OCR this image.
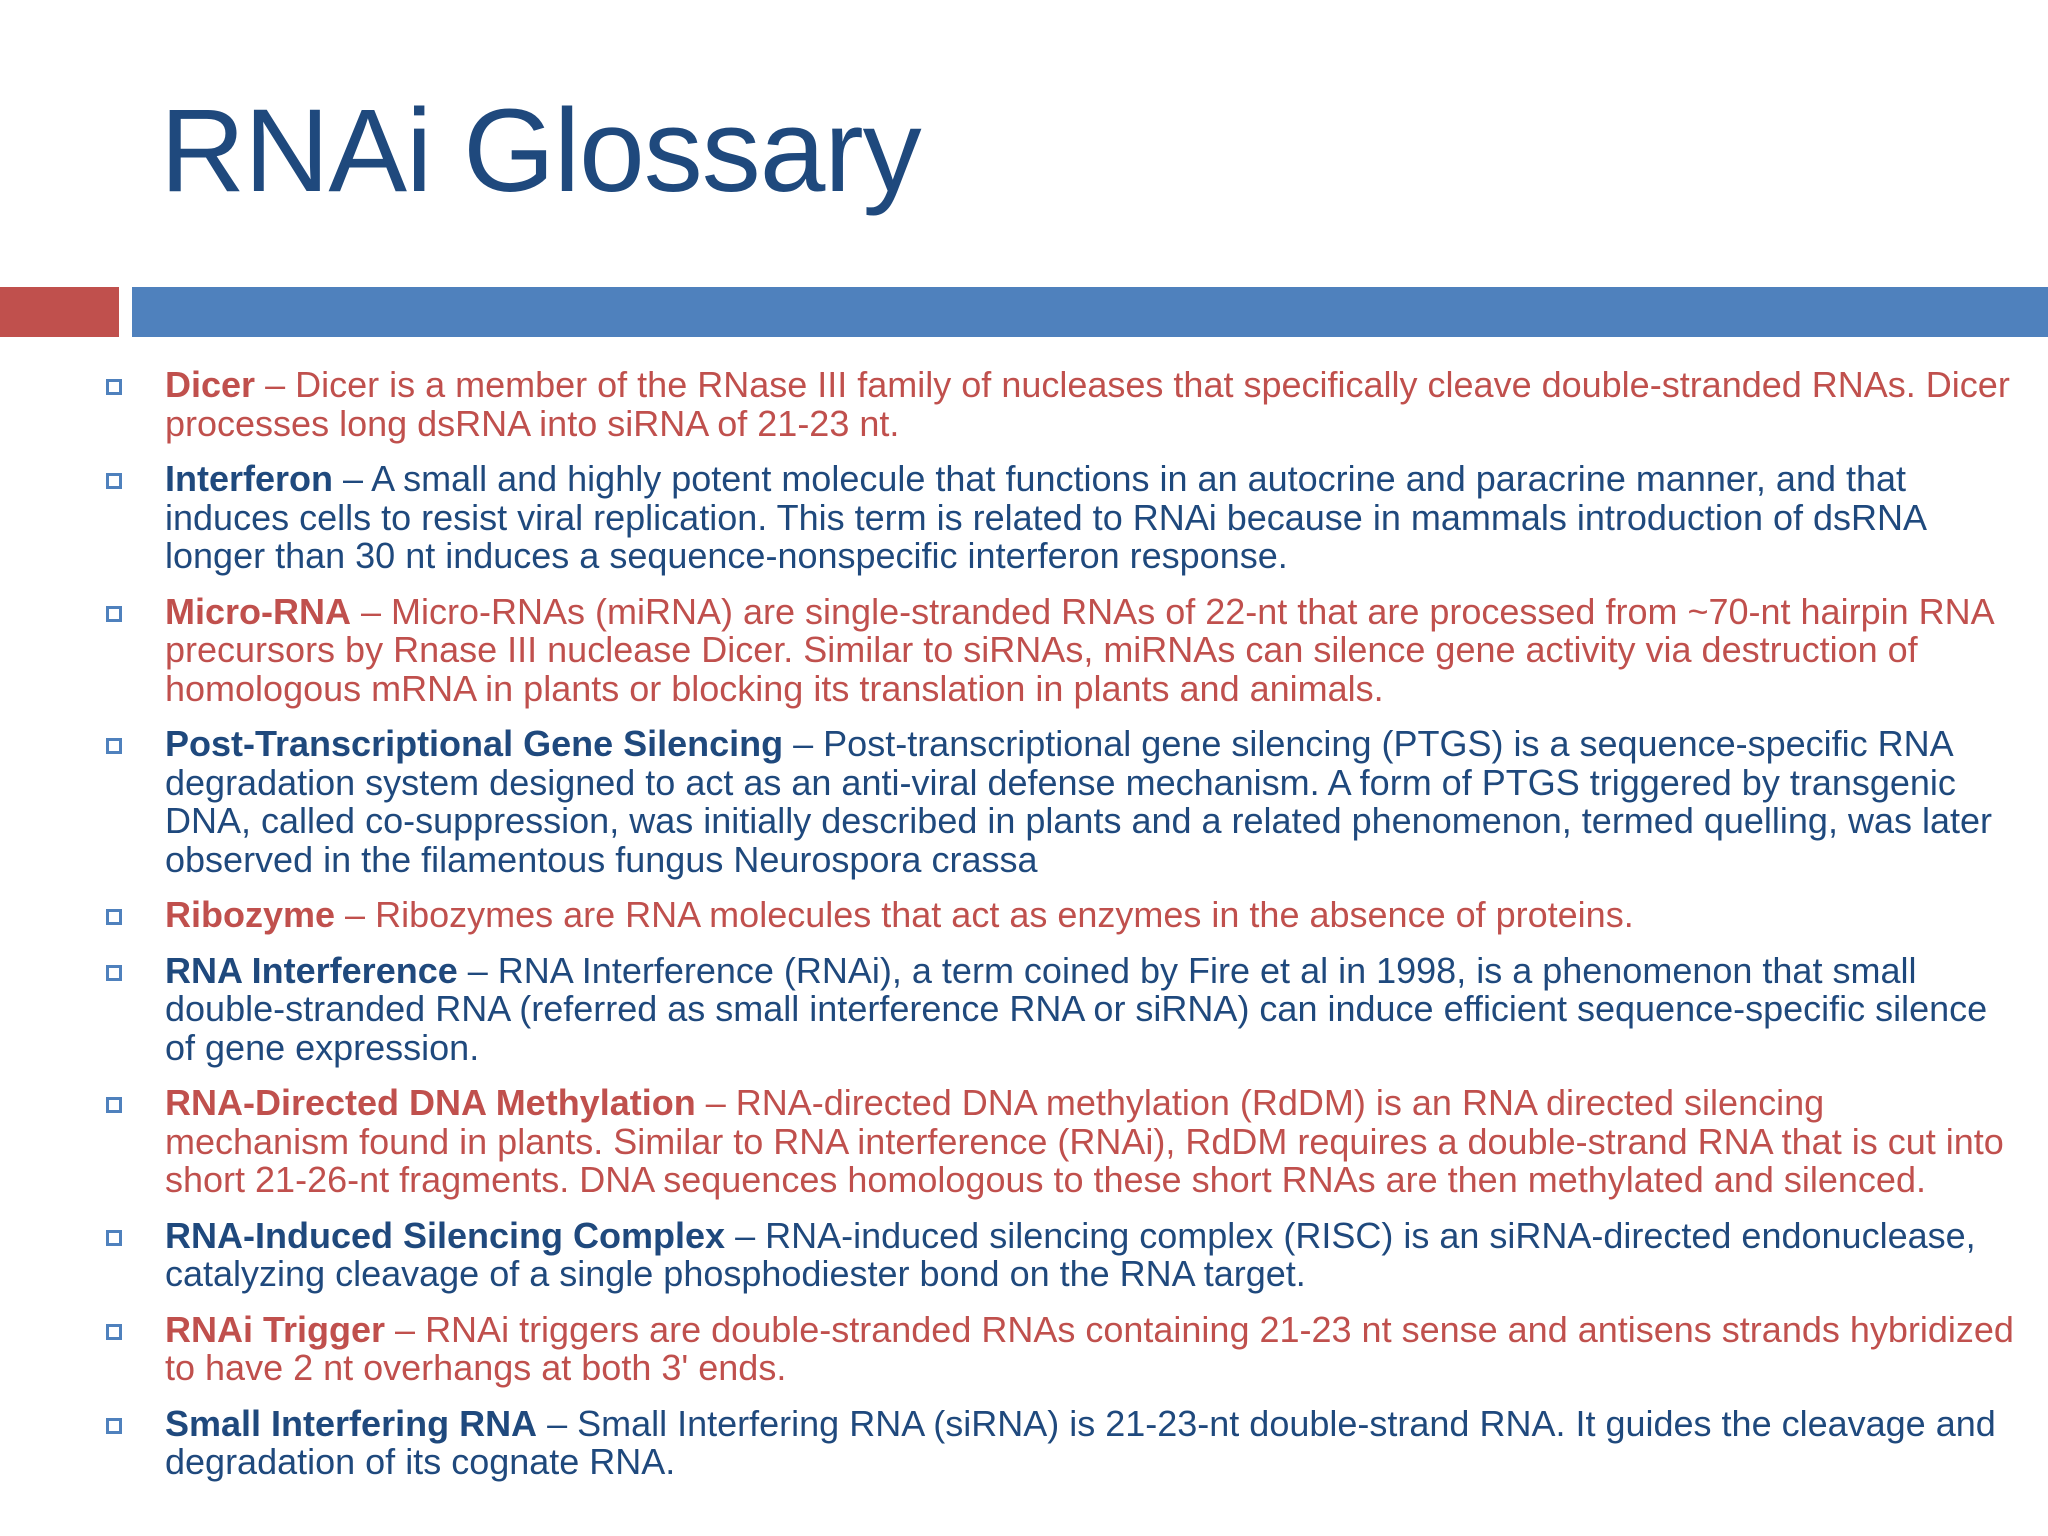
RNAi Glossary
Dicer – Dicer is a member of the RNase III family of nucleases that specifically cleave double-stranded RNAs. Dicer processes long dsRNA into siRNA of 21-23 nt.
Interferon – A small and highly potent molecule that functions in an autocrine and paracrine manner, and that induces cells to resist viral replication. This term is related to RNAi because in mammals introduction of dsRNA longer than 30 nt induces a sequence-nonspecific interferon response.
Micro-RNA – Micro-RNAs (miRNA) are single-stranded RNAs of 22-nt that are processed from ~70-nt hairpin RNA precursors by Rnase III nuclease Dicer. Similar to siRNAs, miRNAs can silence gene activity via destruction of homologous mRNA in plants or blocking its translation in plants and animals.
Post-Transcriptional Gene Silencing – Post-transcriptional gene silencing (PTGS) is a sequence-specific RNA degradation system designed to act as an anti-viral defense mechanism. A form of PTGS triggered by transgenic DNA, called co-suppression, was initially described in plants and a related phenomenon, termed quelling, was later observed in the filamentous fungus Neurospora crassa
Ribozyme – Ribozymes are RNA molecules that act as enzymes in the absence of proteins.
RNA Interference – RNA Interference (RNAi), a term coined by Fire et al in 1998, is a phenomenon that small double-stranded RNA (referred as small interference RNA or siRNA) can induce efficient sequence-specific silence of gene expression.
RNA-Directed DNA Methylation – RNA-directed DNA methylation (RdDM) is an RNA directed silencing mechanism found in plants. Similar to RNA interference (RNAi), RdDM requires a double-strand RNA that is cut into short 21-26-nt fragments. DNA sequences homologous to these short RNAs are then methylated and silenced.
RNA-Induced Silencing Complex – RNA-induced silencing complex (RISC) is an siRNA-directed endonuclease, catalyzing cleavage of a single phosphodiester bond on the RNA target.
RNAi Trigger – RNAi triggers are double-stranded RNAs containing 21-23 nt sense and antisens strands hybridized to have 2 nt overhangs at both 3' ends.
Small Interfering RNA – Small Interfering RNA (siRNA) is 21-23-nt double-strand RNA. It guides the cleavage and degradation of its cognate RNA.
